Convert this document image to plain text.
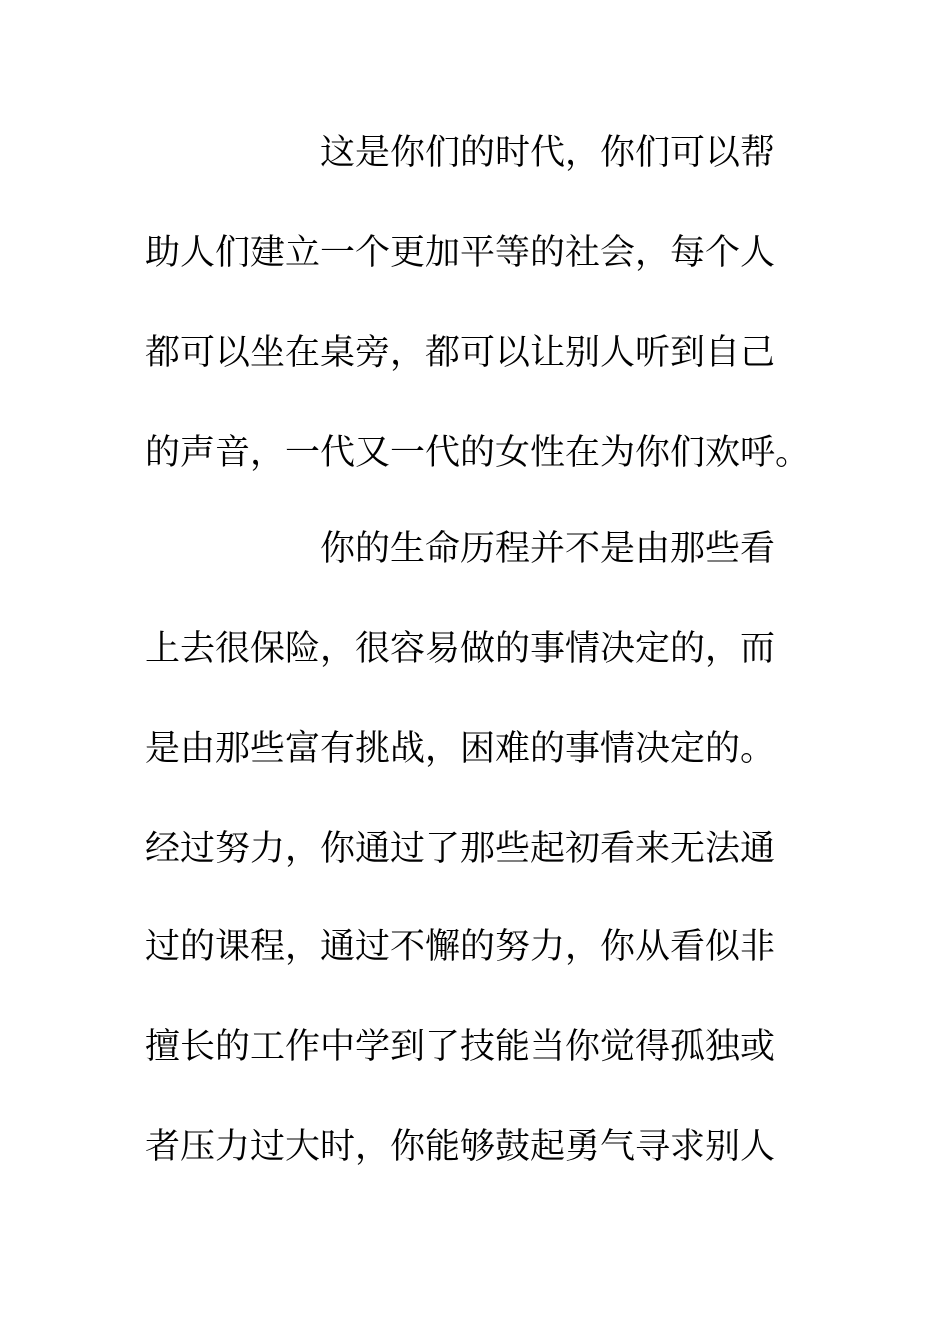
这是你们的时代，你们可以帮
助人们建立一个更加平等的社会，每个人
都可以坐在桌旁，都可以让别人听到自己
的声音，一代又一代的女性在为你们欢呼。
你的生命历程并不是由那些看
上去很保险，很容易做的事情决定的，而
是由那些富有挑战，困难的事情决定的。
经过努力，你通过了那些起初看来无法通
过的课程，通过不懈的努力，你从看似非
擅长的工作中学到了技能当你觉得孤独或
者压力过大时，你能够鼓起勇气寻求别人
